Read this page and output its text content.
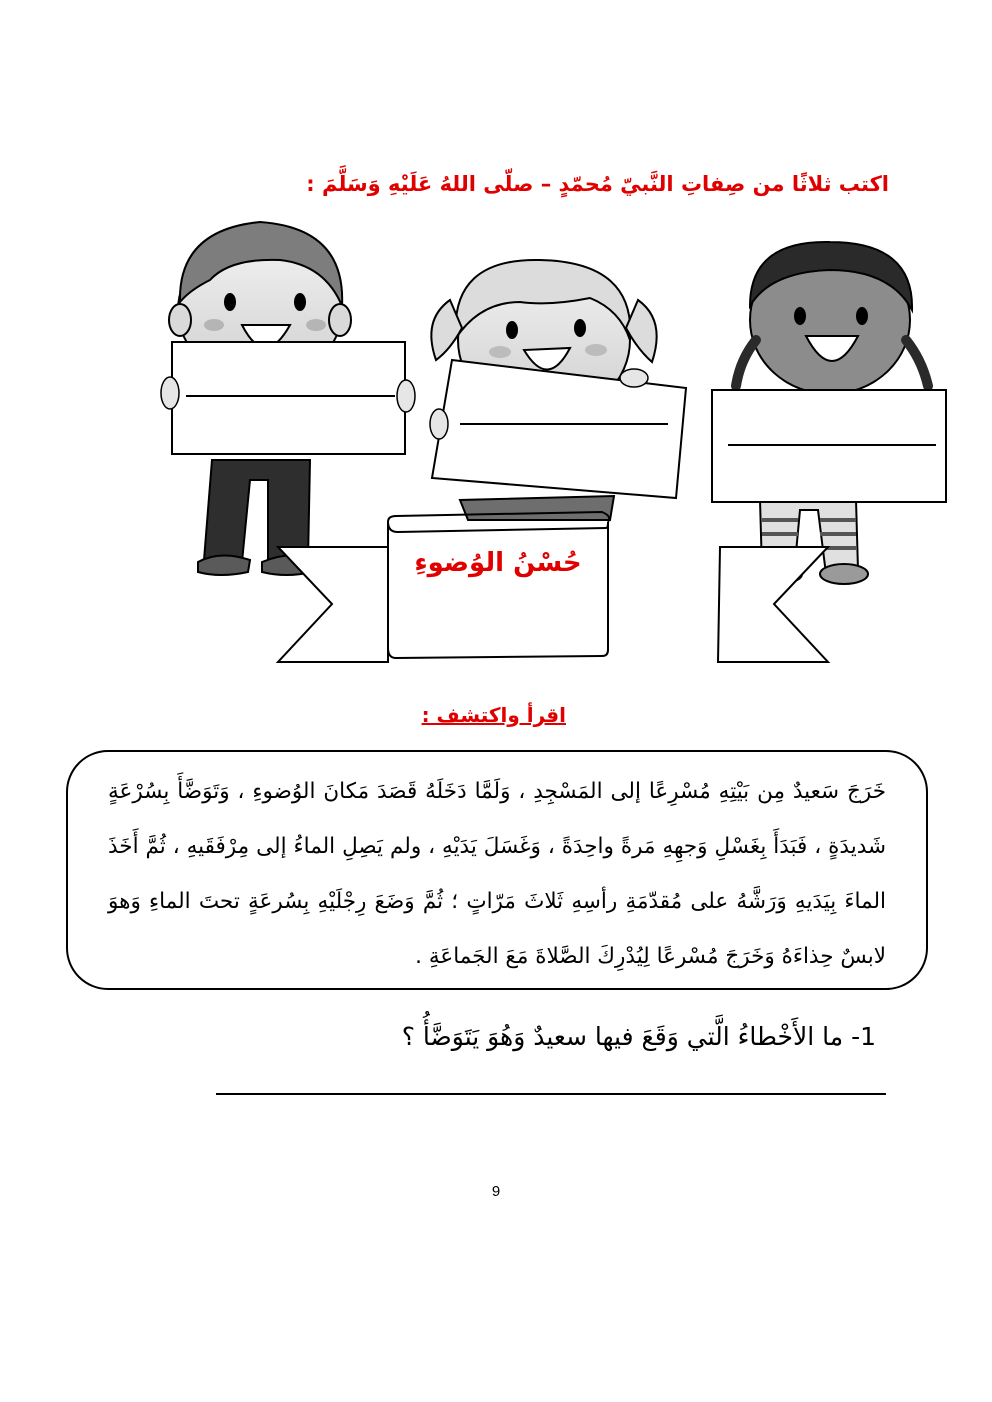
اكتب ثلاثًا من صِفاتِ النَّبيّ مُحمّدٍ – صلّى اللهُ عَلَيْهِ وَسَلَّمَ :
حُسْنُ الوُضوءِ
اقرأ واكتشف :
خَرَجَ سَعيدٌ مِن بَيْتِهِ مُسْرِعًا إلى المَسْجِدِ ، وَلَمَّا دَخَلَهُ قَصَدَ مَكانَ الوُضوءِ ، وَتَوَضَّأَ بِسُرْعَةٍ شَديدَةٍ ، فَبَدَأَ بِغَسْلِ وَجهِهِ مَرةً واحِدَةً ، وَغَسَلَ يَدَيْهِ ، ولم يَصِلِ الماءُ إلى مِرْفَقَيهِ ، ثُمَّ أَخَذَ الماءَ بِيَدَيهِ وَرَشَّهُ على مُقدّمَةِ رأسِهِ ثَلاثَ مَرّاتٍ ؛ ثُمَّ وَضَعَ رِجْلَيْهِ بِسُرعَةٍ تحتَ الماءِ وَهوَ لابسٌ حِذاءَهُ وَخَرَجَ مُسْرعًا لِيُدْرِكَ الصَّلاةَ مَعَ الجَماعَةِ .
1- ما الأَخْطاءُ الَّتي وَقَعَ فيها سعيدٌ وَهُوَ يَتَوَضَّأُ ؟
9
